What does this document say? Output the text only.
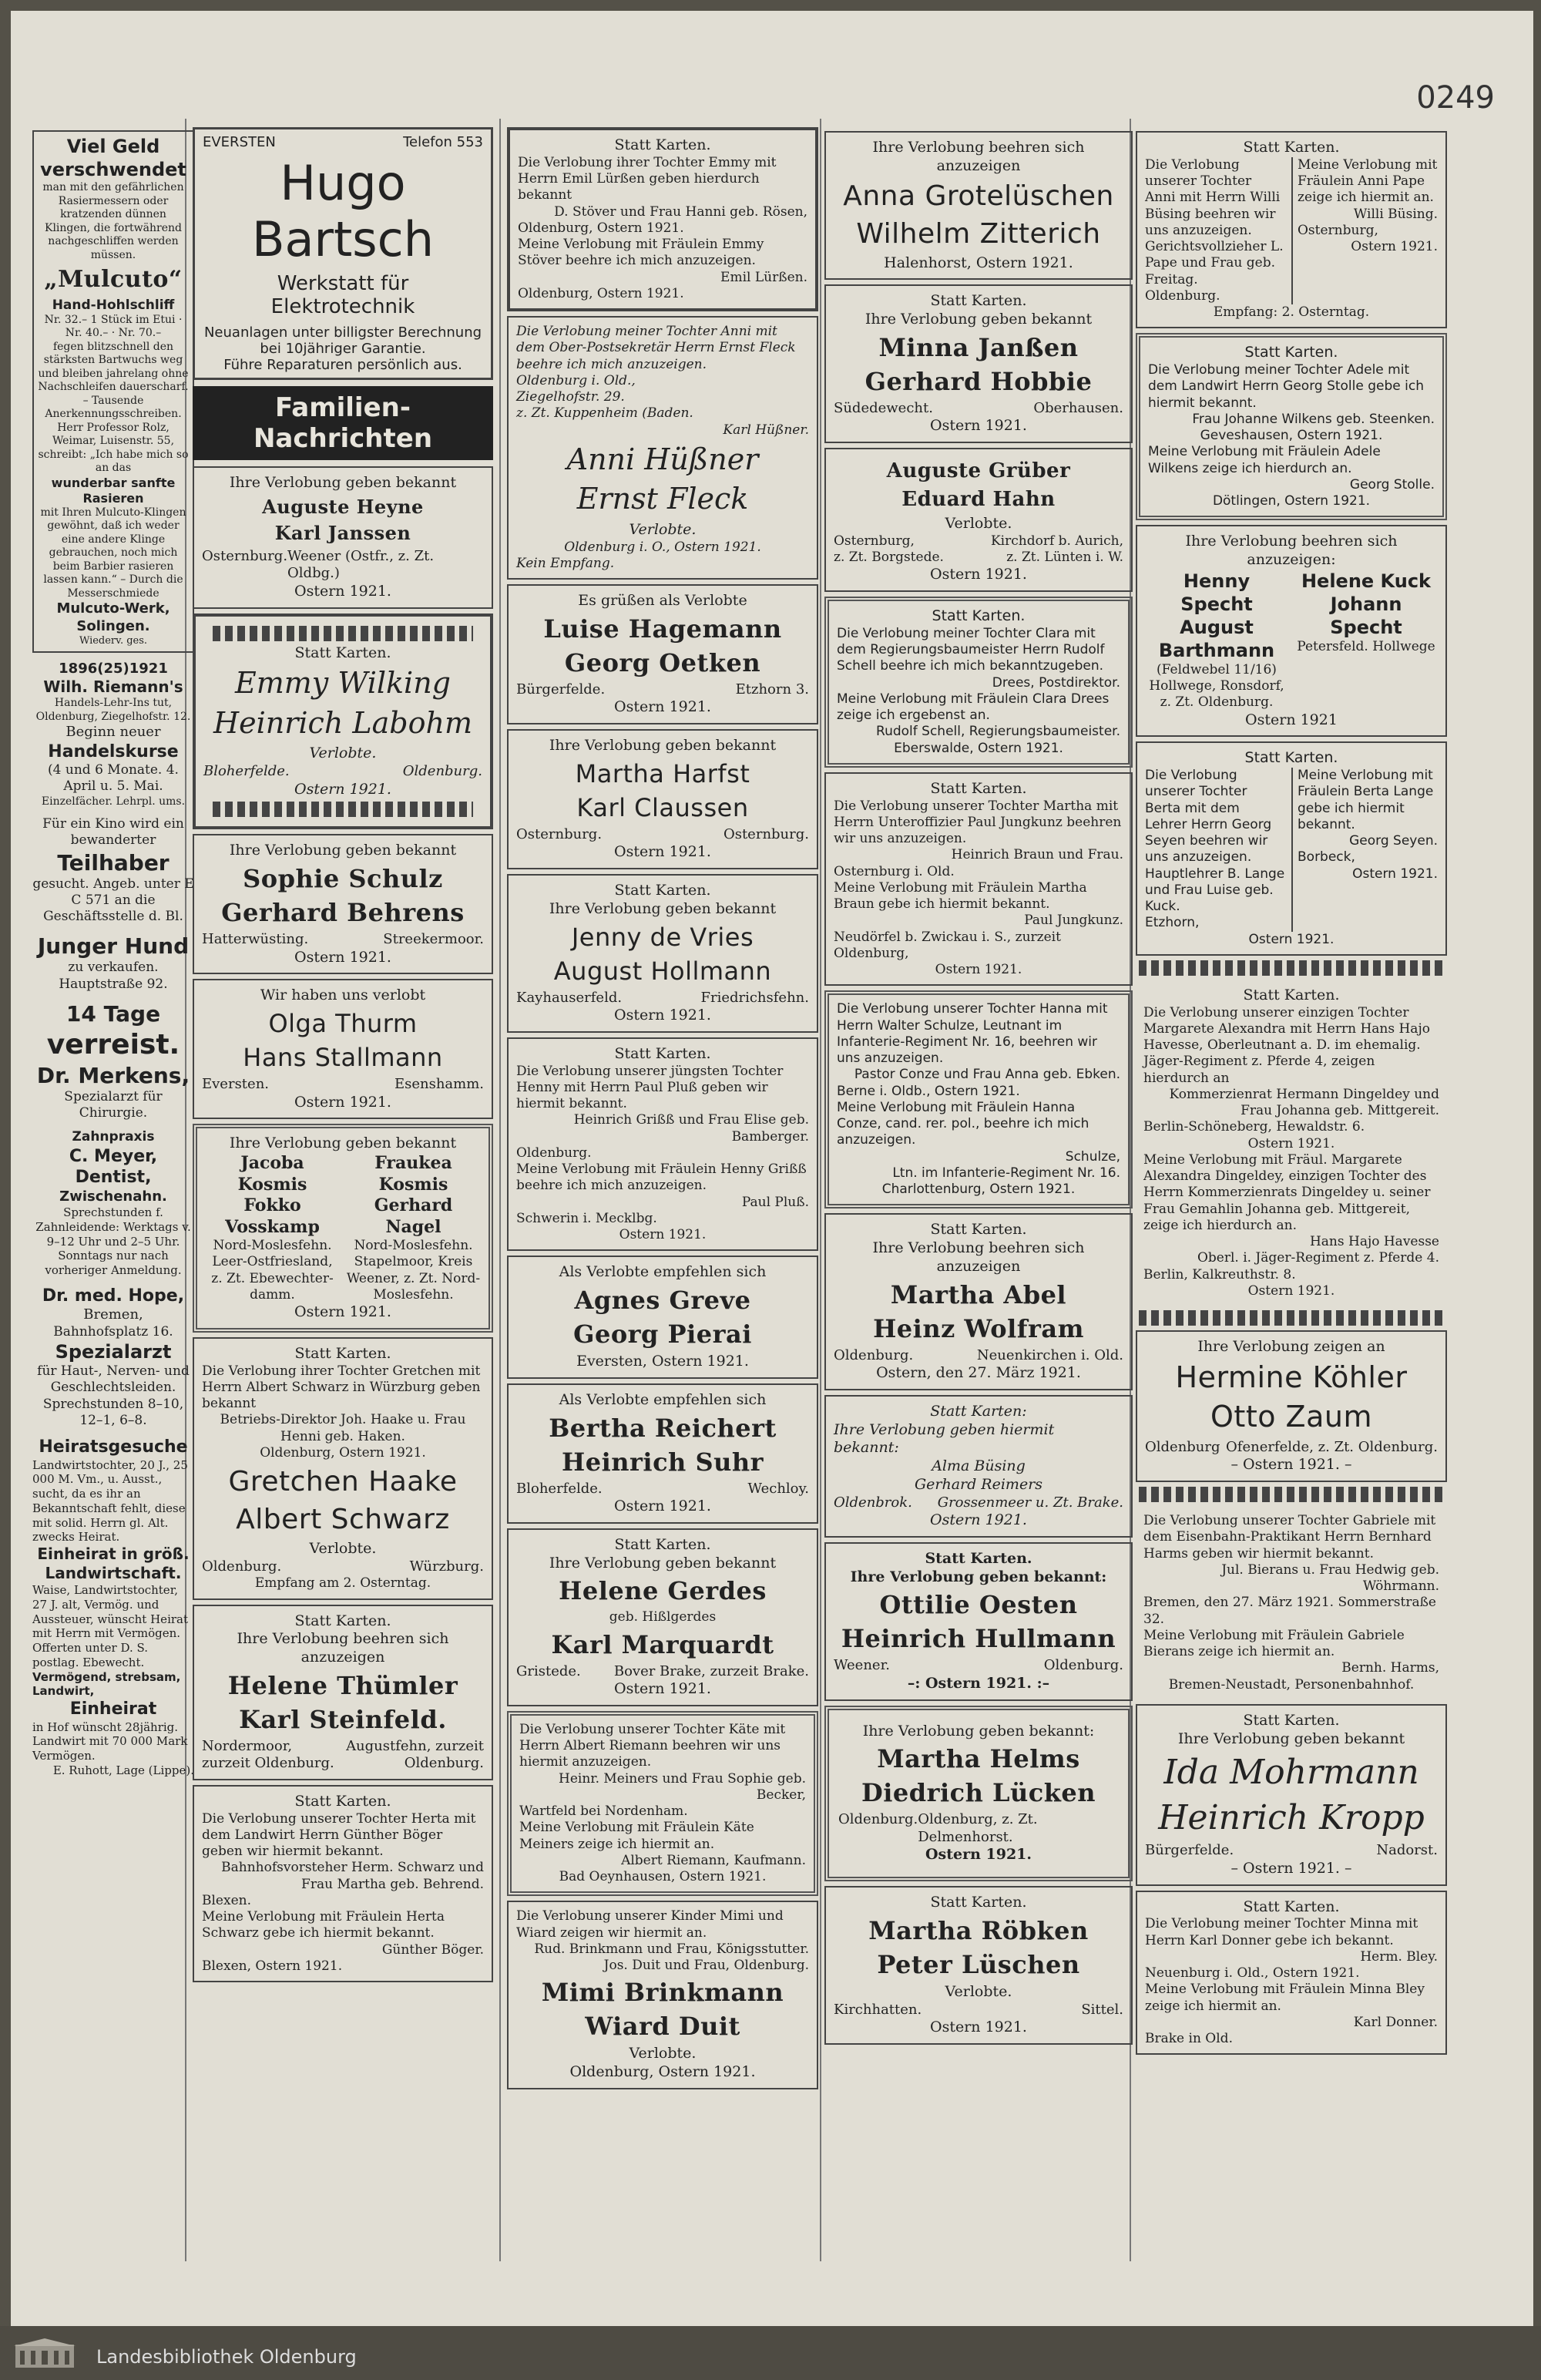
0249
Viel Geld verschwendet
man mit den gefährlichen Rasiermessern oder kratzenden dünnen Klingen, die fortwährend nachgeschliffen werden müssen.
„Mulcuto“
Hand-Hohlschliff
Nr. 32.– 1 Stück im Etui · Nr. 40.– · Nr. 70.–
fegen blitzschnell den stärksten Bartwuchs weg und bleiben jahrelang ohne Nachschleifen dauerscharf. – Tausende Anerkennungsschreiben. Herr Professor Rolz, Weimar, Luisenstr. 55, schreibt: „Ich habe mich so an das
wunderbar sanfte Rasieren
mit Ihren Mulcuto-Klingen gewöhnt, daß ich weder eine andere Klinge gebrauchen, noch mich beim Barbier rasieren lassen kann.“ – Durch die Messerschmiede
Mulcuto-Werk, Solingen.
Wiederv. ges.
1896(25)1921
Wilh. Riemann's
Handels-Lehr-Ins tut, Oldenburg, Ziegelhofstr. 12.
Beginn neuer
Handelskurse
(4 und 6 Monate. 4. April u. 5. Mai.
Einzelfächer. Lehrpl. ums.
Für ein Kino wird ein bewanderter
Teilhaber
gesucht. Angeb. unter E C 571 an die Geschäftsstelle d. Bl.
Junger Hund
zu verkaufen. Hauptstraße 92.
14 Tage
verreist.
Dr. Merkens,
Spezialarzt für Chirurgie.
Zahnpraxis
C. Meyer, Dentist,
Zwischenahn.
Sprechstunden f. Zahnleidende: Werktags v. 9–12 Uhr und 2–5 Uhr. Sonntags nur nach vorheriger Anmeldung.
Dr. med. Hope,
Bremen,
Bahnhofsplatz 16.
Spezialarzt
für Haut-, Nerven- und Geschlechtsleiden.
Sprechstunden 8–10, 12–1, 6–8.
Heiratsgesuche
Landwirtstochter, 20 J., 25 000 M. Vm., u. Ausst., sucht, da es ihr an Bekanntschaft fehlt, diese mit solid. Herrn gl. Alt. zwecks Heirat.
Einheirat in größ. Landwirtschaft.
Waise, Landwirtstochter, 27 J. alt, Vermög. und Aussteuer, wünscht Heirat mit Herrn mit Vermögen. Offerten unter D. S. postlag. Ebewecht.
Vermögend, strebsam, Landwirt,
Einheirat
in Hof wünscht 28jährig. Landwirt mit 70 000 Mark Vermögen.
E. Ruhott, Lage (Lippe).
EVERSTEN	Telefon 553
Hugo Bartsch
Werkstatt für Elektrotechnik
Neuanlagen unter billigster Berechnung bei 10jähriger Garantie.
Führe Reparaturen persönlich aus.
Familien-Nachrichten
Ihre Verlobung geben bekannt
Auguste Heyne
Karl Janssen
Osternburg. Weener (Ostfr., z. Zt. Oldbg.)
Ostern 1921.
Statt Karten.
Emmy Wilking
Heinrich Labohm
Verlobte.
Bloherfelde.	Oldenburg.
Ostern 1921.
Ihre Verlobung geben bekannt
Sophie Schulz
Gerhard Behrens
Hatterwüsting.	Streekermoor.
Ostern 1921.
Wir haben uns verlobt
Olga Thurm
Hans Stallmann
Eversten.	Esenshamm.
Ostern 1921.
Ihre Verlobung geben bekannt
Jacoba Kosmis
Fokko Vosskamp
Nord-Moslesfehn.
Leer-Ostfriesland,
z. Zt. Ebewechter-damm.
Fraukea Kosmis
Gerhard Nagel
Nord-Moslesfehn.
Stapelmoor, Kreis Weener, z. Zt. Nord-Moslesfehn.
Ostern 1921.
Statt Karten.
Die Verlobung ihrer Tochter Gretchen mit Herrn Albert Schwarz in Würzburg geben bekannt
Betriebs-Direktor Joh. Haake u. Frau Henni geb. Haken.
Oldenburg, Ostern 1921.
Gretchen Haake
Albert Schwarz
Verlobte.
Oldenburg.	Würzburg.
Empfang am 2. Osterntag.
Statt Karten.
Ihre Verlobung beehren sich anzuzeigen
Helene Thümler
Karl Steinfeld.
Nordermoor, zurzeit Oldenburg.
Augustfehn, zurzeit Oldenburg.
Statt Karten.
Die Verlobung unserer Tochter Herta mit dem Landwirt Herrn Günther Böger geben wir hiermit bekannt.
Bahnhofsvorsteher Herm. Schwarz und Frau Martha geb. Behrend.
Blexen.
Meine Verlobung mit Fräulein Herta Schwarz gebe ich hiermit bekannt.
Günther Böger.
Blexen, Ostern 1921.
Statt Karten.
Die Verlobung ihrer Tochter Emmy mit Herrn Emil Lürßen geben hierdurch bekannt
D. Stöver und Frau Hanni geb. Rösen,
Oldenburg, Ostern 1921.
Meine Verlobung mit Fräulein Emmy Stöver beehre ich mich anzuzeigen.
Emil Lürßen.
Oldenburg, Ostern 1921.
Die Verlobung meiner Tochter Anni mit dem Ober-Postsekretär Herrn Ernst Fleck beehre ich mich anzuzeigen.
Oldenburg i. Old.,
Ziegelhofstr. 29.
z. Zt. Kuppenheim (Baden.
Karl Hüßner.
Anni Hüßner
Ernst Fleck
Verlobte.
Oldenburg i. O., Ostern 1921.
Kein Empfang.
Es grüßen als Verlobte
Luise Hagemann
Georg Oetken
Bürgerfelde.	Etzhorn 3.
Ostern 1921.
Ihre Verlobung geben bekannt
Martha Harfst
Karl Claussen
Osternburg.	Osternburg.
Ostern 1921.
Statt Karten.
Ihre Verlobung geben bekannt
Jenny de Vries
August Hollmann
Kayhauserfeld.	Friedrichsfehn.
Ostern 1921.
Statt Karten.
Die Verlobung unserer jüngsten Tochter Henny mit Herrn Paul Pluß geben wir hiermit bekannt.
Heinrich Grißß und Frau Elise geb. Bamberger.
Oldenburg.
Meine Verlobung mit Fräulein Henny Grißß beehre ich mich anzuzeigen.
Paul Pluß.
Schwerin i. Mecklbg.
Ostern 1921.
Als Verlobte empfehlen sich
Agnes Greve
Georg Pierai
Eversten, Ostern 1921.
Als Verlobte empfehlen sich
Bertha Reichert
Heinrich Suhr
Bloherfelde.	Wechloy.
Ostern 1921.
Statt Karten.
Ihre Verlobung geben bekannt
Helene Gerdes
geb. Hißlgerdes
Karl Marquardt
Gristede. Bover Brake, zurzeit Brake.
Ostern 1921.
Die Verlobung unserer Tochter Käte mit Herrn Albert Riemann beehren wir uns hiermit anzuzeigen.
Heinr. Meiners und Frau Sophie geb. Becker,
Wartfeld bei Nordenham.
Meine Verlobung mit Fräulein Käte Meiners zeige ich hiermit an.
Albert Riemann, Kaufmann.
Bad Oeynhausen, Ostern 1921.
Die Verlobung unserer Kinder Mimi und Wiard zeigen wir hiermit an.
Rud. Brinkmann und Frau, Königsstutter.
Jos. Duit und Frau, Oldenburg.
Mimi Brinkmann
Wiard Duit
Verlobte.
Oldenburg, Ostern 1921.
Ihre Verlobung beehren sich anzuzeigen
Anna Grotelüschen
Wilhelm Zitterich
Halenhorst, Ostern 1921.
Statt Karten.
Ihre Verlobung geben bekannt
Minna Janßen
Gerhard Hobbie
Südedewecht.	Oberhausen.
Ostern 1921.
Auguste Grüber
Eduard Hahn
Verlobte.
Osternburg,
z. Zt. Borgstede.
Kirchdorf b. Aurich,
z. Zt. Lünten i. W.
Ostern 1921.
Statt Karten.
Die Verlobung meiner Tochter Clara mit dem Regierungsbaumeister Herrn Rudolf Schell beehre ich mich bekanntzugeben.
Drees, Postdirektor.
Meine Verlobung mit Fräulein Clara Drees zeige ich ergebenst an.
Rudolf Schell, Regierungsbaumeister.
Eberswalde, Ostern 1921.
Statt Karten.
Die Verlobung unserer Tochter Martha mit Herrn Unteroffizier Paul Jungkunz beehren wir uns anzuzeigen.
Heinrich Braun und Frau.
Osternburg i. Old.
Meine Verlobung mit Fräulein Martha Braun gebe ich hiermit bekannt.
Paul Jungkunz.
Neudörfel b. Zwickau i. S., zurzeit Oldenburg,
Ostern 1921.
Die Verlobung unserer Tochter Hanna mit Herrn Walter Schulze, Leutnant im Infanterie-Regiment Nr. 16, beehren wir uns anzuzeigen.
Pastor Conze und Frau Anna geb. Ebken.
Berne i. Oldb., Ostern 1921.
Meine Verlobung mit Fräulein Hanna Conze, cand. rer. pol., beehre ich mich anzuzeigen.
Schulze,
Ltn. im Infanterie-Regiment Nr. 16.
Charlottenburg, Ostern 1921.
Statt Karten.
Ihre Verlobung beehren sich anzuzeigen
Martha Abel
Heinz Wolfram
Oldenburg.	Neuenkirchen i. Old.
Ostern, den 27. März 1921.
Statt Karten:
Ihre Verlobung geben hiermit bekannt:
Alma Büsing
Gerhard Reimers
Oldenbrok. Grossenmeer u. Zt. Brake.
Ostern 1921.
Statt Karten.
Ihre Verlobung geben bekannt:
Ottilie Oesten
Heinrich Hullmann
Weener.	Oldenburg.
–: Ostern 1921. :–
Ihre Verlobung geben bekannt:
Martha Helms
Diedrich Lücken
Oldenburg. Oldenburg, z. Zt. Delmenhorst.
Ostern 1921.
Statt Karten.
Martha Röbken
Peter Lüschen
Verlobte.
Kirchhatten.	Sittel.
Ostern 1921.
Statt Karten.
Die Verlobung unserer Tochter Anni mit Herrn Willi Büsing beehren wir uns anzuzeigen.
Gerichtsvollzieher L. Pape und Frau geb. Freitag.
Oldenburg.
Meine Verlobung mit Fräulein Anni Pape zeige ich hiermit an.
Willi Büsing.
Osternburg,
Ostern 1921.
Empfang: 2. Osterntag.
Statt Karten.
Die Verlobung meiner Tochter Adele mit dem Landwirt Herrn Georg Stolle gebe ich hiermit bekannt.
Frau Johanne Wilkens geb. Steenken.
Geveshausen, Ostern 1921.
Meine Verlobung mit Fräulein Adele Wilkens zeige ich hierdurch an.
Georg Stolle.
Dötlingen, Ostern 1921.
Ihre Verlobung beehren sich anzuzeigen:
Henny Specht
August Barthmann
(Feldwebel 11/16)
Hollwege, Ronsdorf, z. Zt. Oldenburg.
Helene Kuck
Johann Specht
Petersfeld. Hollwege
Ostern 1921
Statt Karten.
Die Verlobung unserer Tochter Berta mit dem Lehrer Herrn Georg Seyen beehren wir uns anzuzeigen.
Hauptlehrer B. Lange und Frau Luise geb. Kuck.
Etzhorn,
Meine Verlobung mit Fräulein Berta Lange gebe ich hiermit bekannt.
Georg Seyen.
Borbeck,
Ostern 1921.
Ostern 1921.
Statt Karten.
Die Verlobung unserer einzigen Tochter Margarete Alexandra mit Herrn Hans Hajo Havesse, Oberleutnant a. D. im ehemalig. Jäger-Regiment z. Pferde 4, zeigen hierdurch an
Kommerzienrat Hermann Dingeldey und Frau Johanna geb. Mittgereit.
Berlin-Schöneberg, Hewaldstr. 6.
Ostern 1921.
Meine Verlobung mit Fräul. Margarete Alexandra Dingeldey, einzigen Tochter des Herrn Kommerzienrats Dingeldey u. seiner Frau Gemahlin Johanna geb. Mittgereit, zeige ich hierdurch an.
Hans Hajo Havesse
Oberl. i. Jäger-Regiment z. Pferde 4.
Berlin, Kalkreuthstr. 8.
Ostern 1921.
Ihre Verlobung zeigen an
Hermine Köhler
Otto Zaum
Oldenburg Ofenerfelde, z. Zt. Oldenburg.
– Ostern 1921. –
Die Verlobung unserer Tochter Gabriele mit dem Eisenbahn-Praktikant Herrn Bernhard Harms geben wir hiermit bekannt.
Jul. Bierans u. Frau Hedwig geb. Wöhrmann.
Bremen, den 27. März 1921. Sommerstraße 32.
Meine Verlobung mit Fräulein Gabriele Bierans zeige ich hiermit an.
Bernh. Harms,
Bremen-Neustadt, Personenbahnhof.
Statt Karten.
Ihre Verlobung geben bekannt
Ida Mohrmann
Heinrich Kropp
Bürgerfelde.	Nadorst.
– Ostern 1921. –
Statt Karten.
Die Verlobung meiner Tochter Minna mit Herrn Karl Donner gebe ich bekannt.
Herm. Bley.
Neuenburg i. Old., Ostern 1921.
Meine Verlobung mit Fräulein Minna Bley zeige ich hiermit an.
Karl Donner.
Brake in Old.
Landesbibliothek Oldenburg
